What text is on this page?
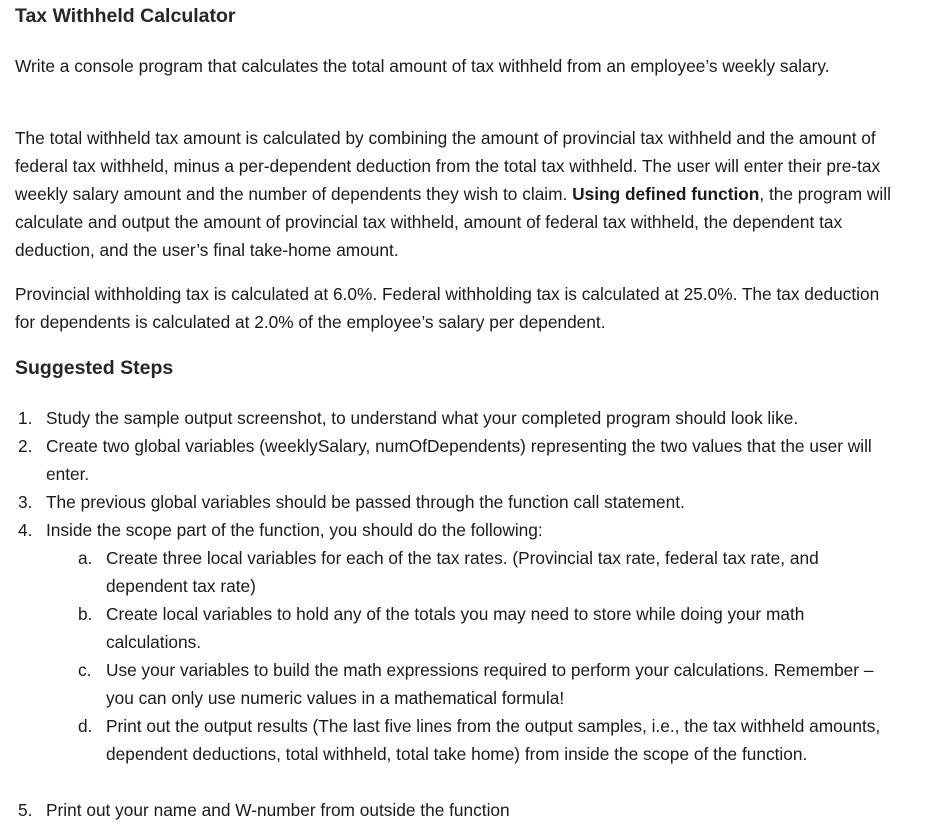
Tax Withheld Calculator

Write a console program that calculates the total amount of tax withheld from an employee’s weekly salary.

The total withheld tax amount is calculated by combining the amount of provincial tax withheld and the amount of federal tax withheld, minus a per-dependent deduction from the total tax withheld. The user will enter their pre-tax weekly salary amount and the number of dependents they wish to claim. Using defined function, the program will calculate and output the amount of provincial tax withheld, amount of federal tax withheld, the dependent tax deduction, and the user’s final take-home amount.

Provincial withholding tax is calculated at 6.0%. Federal withholding tax is calculated at 25.0%. The tax deduction for dependents is calculated at 2.0% of the employee’s salary per dependent.

Suggested Steps
1. Study the sample output screenshot, to understand what your completed program should look like.
2. Create two global variables (weeklySalary, numOfDependents) representing the two values that the user will enter.
3. The previous global variables should be passed through the function call statement.
4. Inside the scope part of the function, you should do the following:
a. Create three local variables for each of the tax rates. (Provincial tax rate, federal tax rate, and dependent tax rate)
b. Create local variables to hold any of the totals you may need to store while doing your math calculations.
c. Use your variables to build the math expressions required to perform your calculations. Remember – you can only use numeric values in a mathematical formula!
d. Print out the output results (The last five lines from the output samples, i.e., the tax withheld amounts, dependent deductions, total withheld, total take home) from inside the scope of the function.
5. Print out your name and W-number from outside the function
